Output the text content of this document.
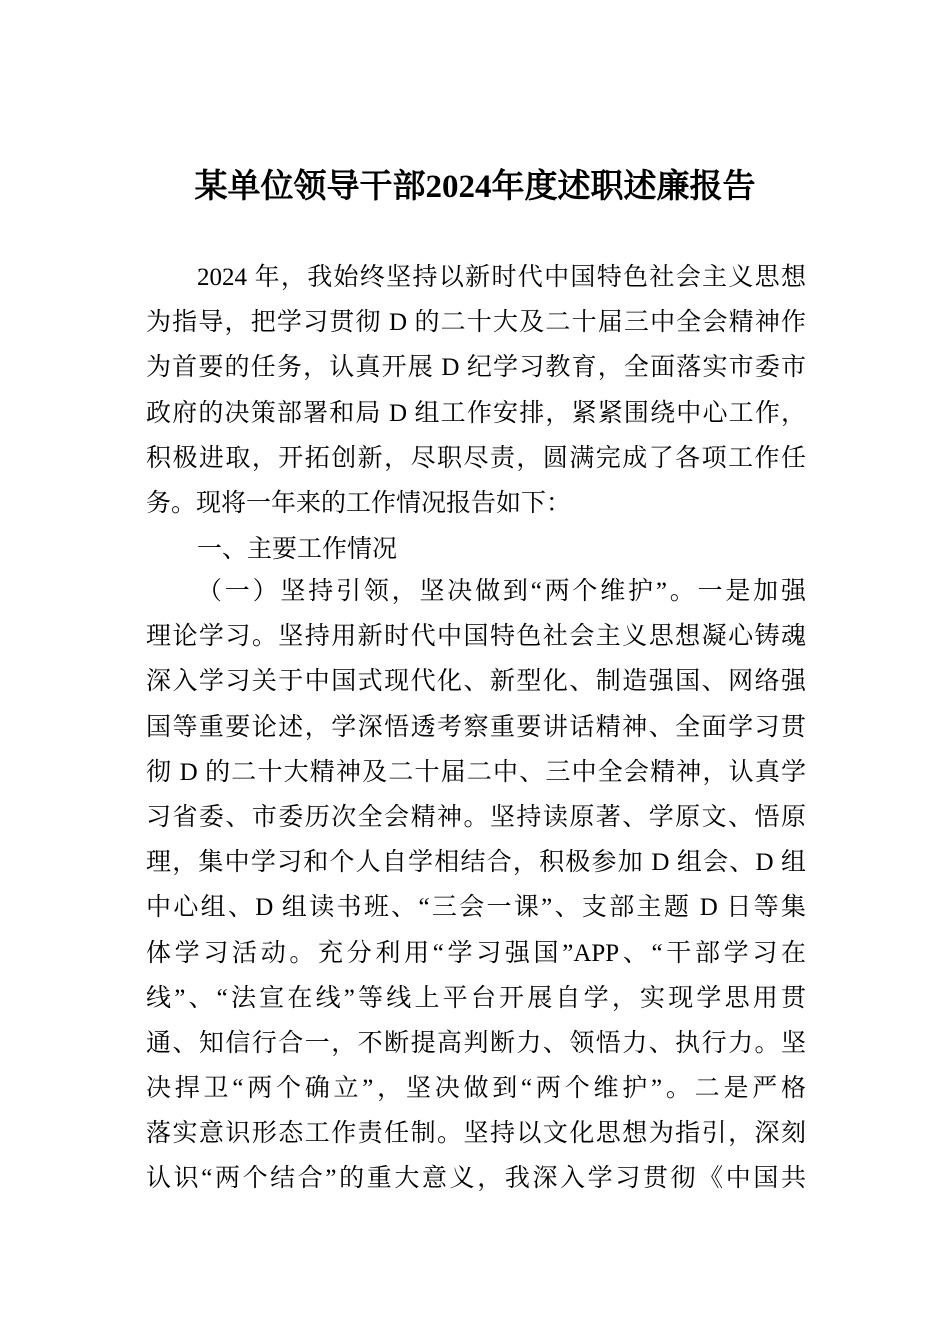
某单位领导干部2024年度述职述廉报告
2024 年，我始终坚持以新时代中国特色社会主义思想
为指导，把学习贯彻 D 的二十大及二十届三中全会精神作
为首要的任务，认真开展 D 纪学习教育，全面落实市委市
政府的决策部署和局 D 组工作安排，紧紧围绕中心工作，
积极进取，开拓创新，尽职尽责，圆满完成了各项工作任
务。现将一年来的工作情况报告如下：
一、主要工作情况
（一）坚持引领，坚决做到“两个维护”。一是加强
理论学习。坚持用新时代中国特色社会主义思想凝心铸魂
深入学习关于中国式现代化、新型化、制造强国、网络强
国等重要论述，学深悟透考察重要讲话精神、全面学习贯
彻 D 的二十大精神及二十届二中、三中全会精神，认真学
习省委、市委历次全会精神。坚持读原著、学原文、悟原
理，集中学习和个人自学相结合，积极参加 D 组会、D 组
中心组、D 组读书班、“三会一课”、支部主题 D 日等集
体学习活动。充分利用“学习强国”APP、“干部学习在
线”、“法宣在线”等线上平台开展自学，实现学思用贯
通、知信行合一，不断提高判断力、领悟力、执行力。坚
决捍卫“两个确立”，坚决做到“两个维护”。二是严格
落实意识形态工作责任制。坚持以文化思想为指引，深刻
认识“两个结合”的重大意义，我深入学习贯彻《中国共
